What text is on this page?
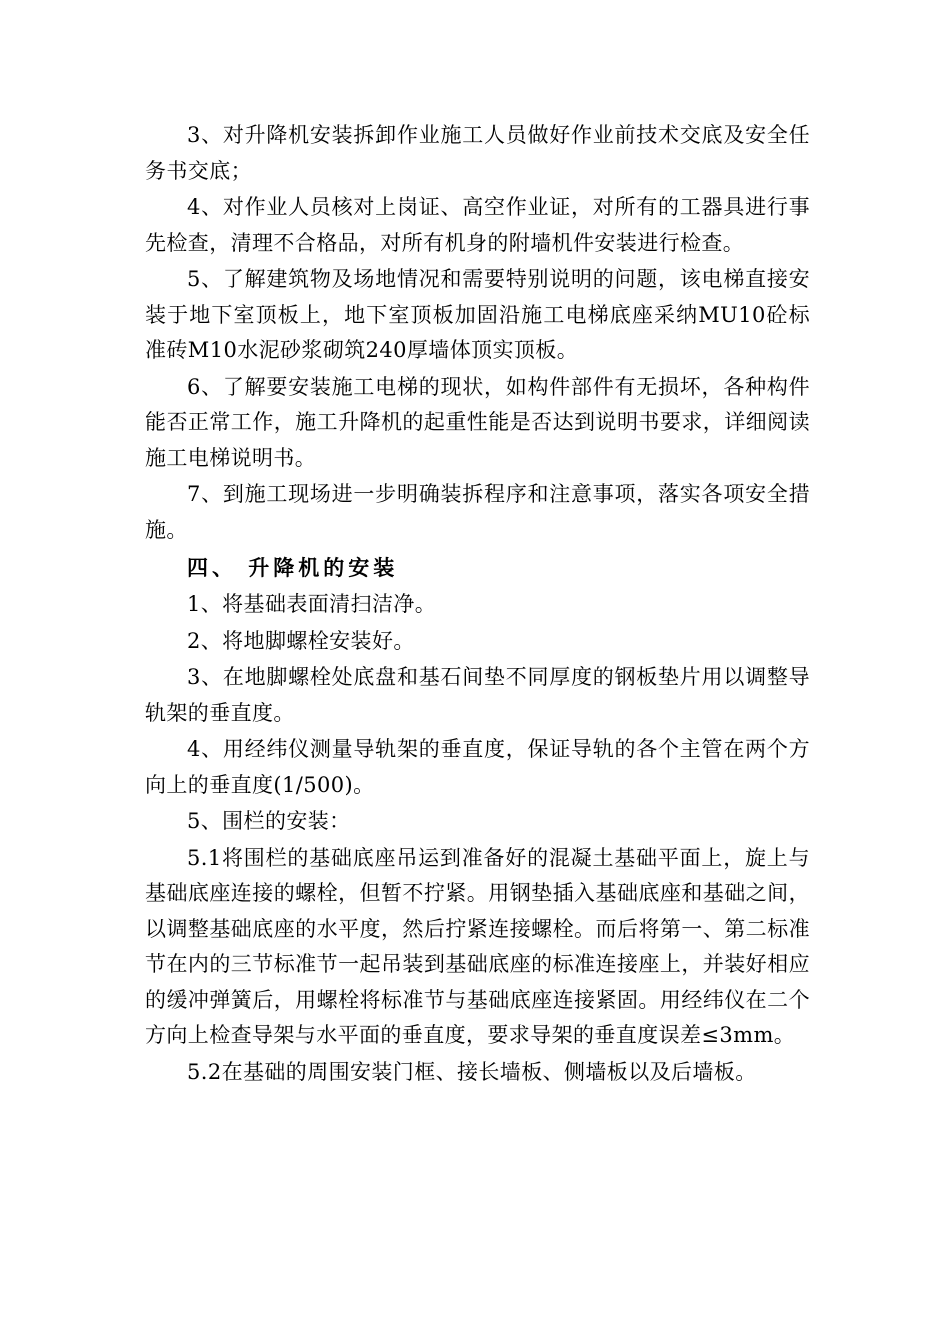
3、对升降机安装拆卸作业施工人员做好作业前技术交底及安全任务书交底；

4、对作业人员核对上岗证、高空作业证，对所有的工器具进行事先检查，清理不合格品，对所有机身的附墙机件安装进行检查。

5、了解建筑物及场地情况和需要特别说明的问题，该电梯直接安装于地下室顶板上，地下室顶板加固沿施工电梯底座采纳MU10砼标准砖M10水泥砂浆砌筑240厚墙体顶实顶板。

6、了解要安装施工电梯的现状，如构件部件有无损坏，各种构件能否正常工作，施工升降机的起重性能是否达到说明书要求，详细阅读施工电梯说明书。

7、到施工现场进一步明确装拆程序和注意事项，落实各项安全措施。

四、 升降机的安装

1、将基础表面清扫洁净。

2、将地脚螺栓安装好。

3、在地脚螺栓处底盘和基石间垫不同厚度的钢板垫片用以调整导轨架的垂直度。

4、用经纬仪测量导轨架的垂直度，保证导轨的各个主管在两个方向上的垂直度(1/500)。

5、围栏的安装：

5.1将围栏的基础底座吊运到准备好的混凝土基础平面上，旋上与基础底座连接的螺栓，但暂不拧紧。用钢垫插入基础底座和基础之间，以调整基础底座的水平度，然后拧紧连接螺栓。而后将第一、第二标准节在内的三节标准节一起吊装到基础底座的标准连接座上，并装好相应的缓冲弹簧后，用螺栓将标准节与基础底座连接紧固。用经纬仪在二个方向上检查导架与水平面的垂直度，要求导架的垂直度误差≤3mm。

5.2在基础的周围安装门框、接长墙板、侧墙板以及后墙板。
